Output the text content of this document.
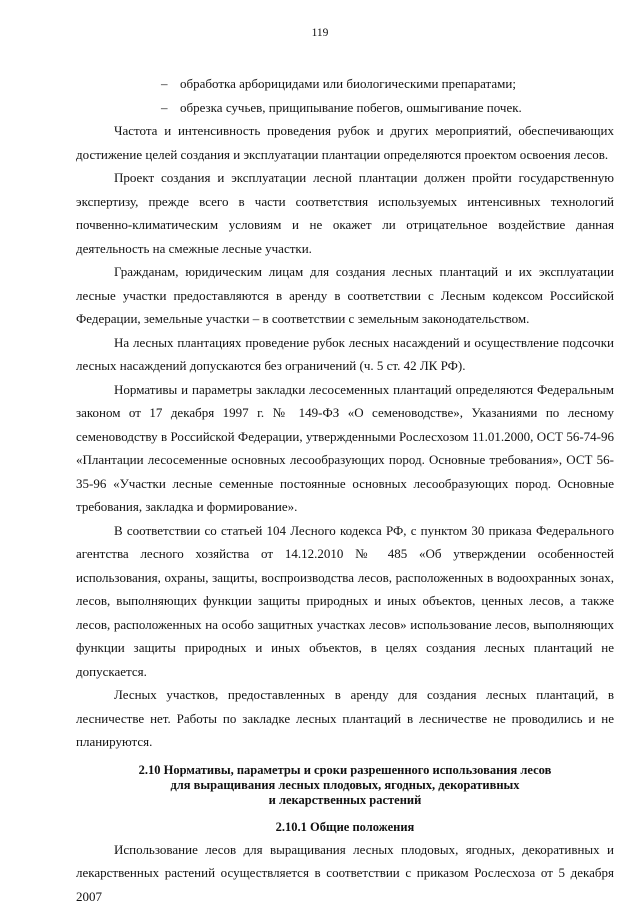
119
– обработка арборицидами или биологическими препаратами;
– обрезка сучьев, прищипывание побегов, ошмыгивание почек.

Частота и интенсивность проведения рубок и других мероприятий, обеспечивающих достижение целей создания и эксплуатации плантации определяются проектом освоения лесов.

Проект создания и эксплуатации лесной плантации должен пройти государственную экспертизу, прежде всего в части соответствия используемых интенсивных технологий почвенно-климатическим условиям и не окажет ли отрицательное воздействие данная деятельность на смежные лесные участки.

Гражданам, юридическим лицам для создания лесных плантаций и их эксплуатации лесные участки предоставляются в аренду в соответствии с Лесным кодексом Российской Федерации, земельные участки – в соответствии с земельным законодательством.

На лесных плантациях проведение рубок лесных насаждений и осуществление подсочки лесных насаждений допускаются без ограничений (ч. 5 ст. 42 ЛК РФ).

Нормативы и параметры закладки лесосеменных плантаций определяются Федеральным законом от 17 декабря 1997 г. № 149-ФЗ «О семеноводстве», Указаниями по лесному семеноводству в Российской Федерации, утвержденными Рослесхозом 11.01.2000, ОСТ 56-74-96 «Плантации лесосеменные основных лесообразующих пород. Основные требования», ОСТ 56-35-96 «Участки лесные семенные постоянные основных лесообразующих пород. Основные требования, закладка и формирование».

В соответствии со статьей 104 Лесного кодекса РФ, с пунктом 30 приказа Федерального агентства лесного хозяйства от 14.12.2010 № 485 «Об утверждении особенностей использования, охраны, защиты, воспроизводства лесов, расположенных в водоохранных зонах, лесов, выполняющих функции защиты природных и иных объектов, ценных лесов, а также лесов, расположенных на особо защитных участках лесов» использование лесов, выполняющих функции защиты природных и иных объектов, в целях создания лесных плантаций не допускается.

Лесных участков, предоставленных в аренду для создания лесных плантаций, в лесничестве нет. Работы по закладке лесных плантаций в лесничестве не проводились и не планируются.

2.10 Нормативы, параметры и сроки разрешенного использования лесов
для выращивания лесных плодовых, ягодных, декоративных
и лекарственных растений
2.10.1 Общие положения

Использование лесов для выращивания лесных плодовых, ягодных, декоративных и лекарственных растений осуществляется в соответствии с приказом Рослесхоза от 5 декабря 2007
